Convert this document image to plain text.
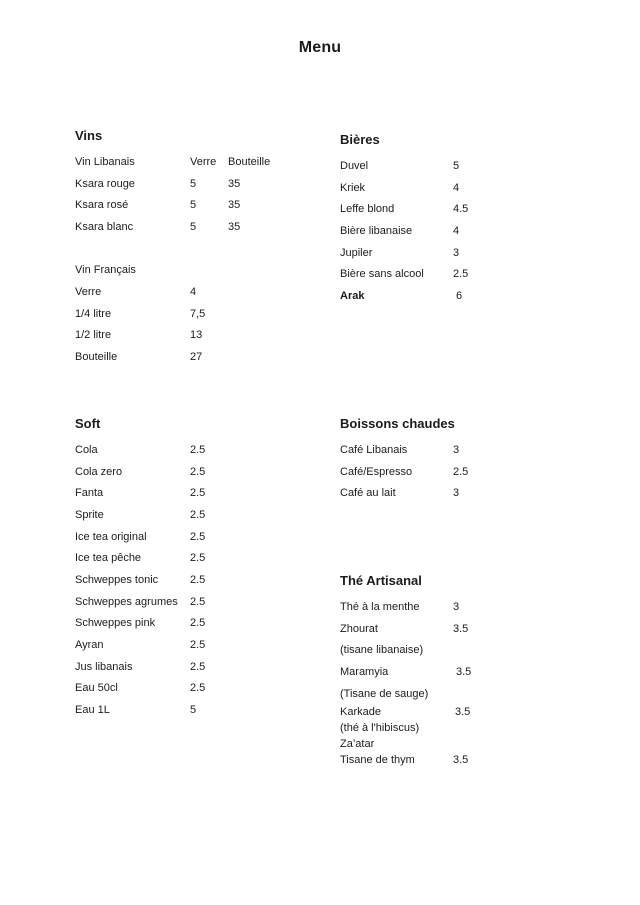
Menu
Vins
Vin Libanais	Verre	Bouteille
Ksara rouge	5	35
Ksara rosé	5	35
Ksara blanc	5	35
Vin Français
Verre	4
1/4 litre	7,5
1/2 litre	13
Bouteille	27
Bières
Duvel	5
Kriek	4
Leffe blond	4.5
Bière libanaise	4
Jupiler	3
Bière sans alcool	2.5
Arak	6
Soft
Cola	2.5
Cola zero	2.5
Fanta	2.5
Sprite	2.5
Ice tea original	2.5
Ice tea pêche	2.5
Schweppes tonic	2.5
Schweppes agrumes	2.5
Schweppes pink	2.5
Ayran	2.5
Jus libanais	2.5
Eau 50cl	2.5
Eau 1L	5
Boissons chaudes
Café Libanais	3
Café/Espresso	2.5
Café au lait	3
Thé Artisanal
Thé à la menthe	3
Zhourat	3.5
(tisane libanaise)
Maramyia	3.5
(Tisane de sauge)
Karkade	3.5
(thé à l'hibiscus)
Za’atar
Tisane de thym	3.5
